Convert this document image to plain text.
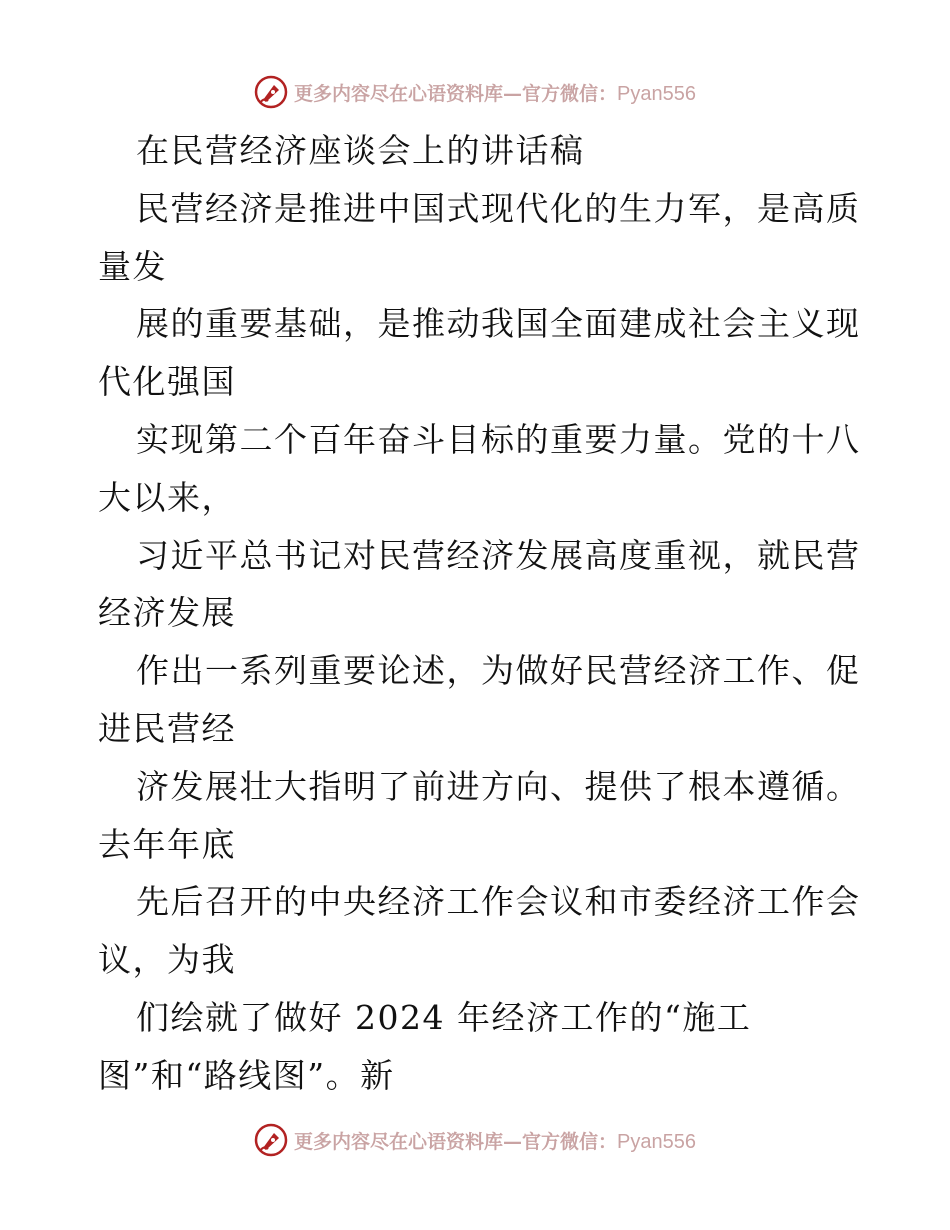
更多内容尽在心语资料库—官方微信：Pyan556
在民营经济座谈会上的讲话稿
民营经济是推进中国式现代化的生力军，是高质
量发
展的重要基础，是推动我国全面建成社会主义现
代化强国
实现第二个百年奋斗目标的重要力量。党的十八
大以来，
习近平总书记对民营经济发展高度重视，就民营
经济发展
作出一系列重要论述，为做好民营经济工作、促
进民营经
济发展壮大指明了前进方向、提供了根本遵循。
去年年底
先后召开的中央经济工作会议和市委经济工作会
议，为我
们绘就了做好 2024 年经济工作的“施工
图”和“路线图”。新
更多内容尽在心语资料库—官方微信：Pyan556
